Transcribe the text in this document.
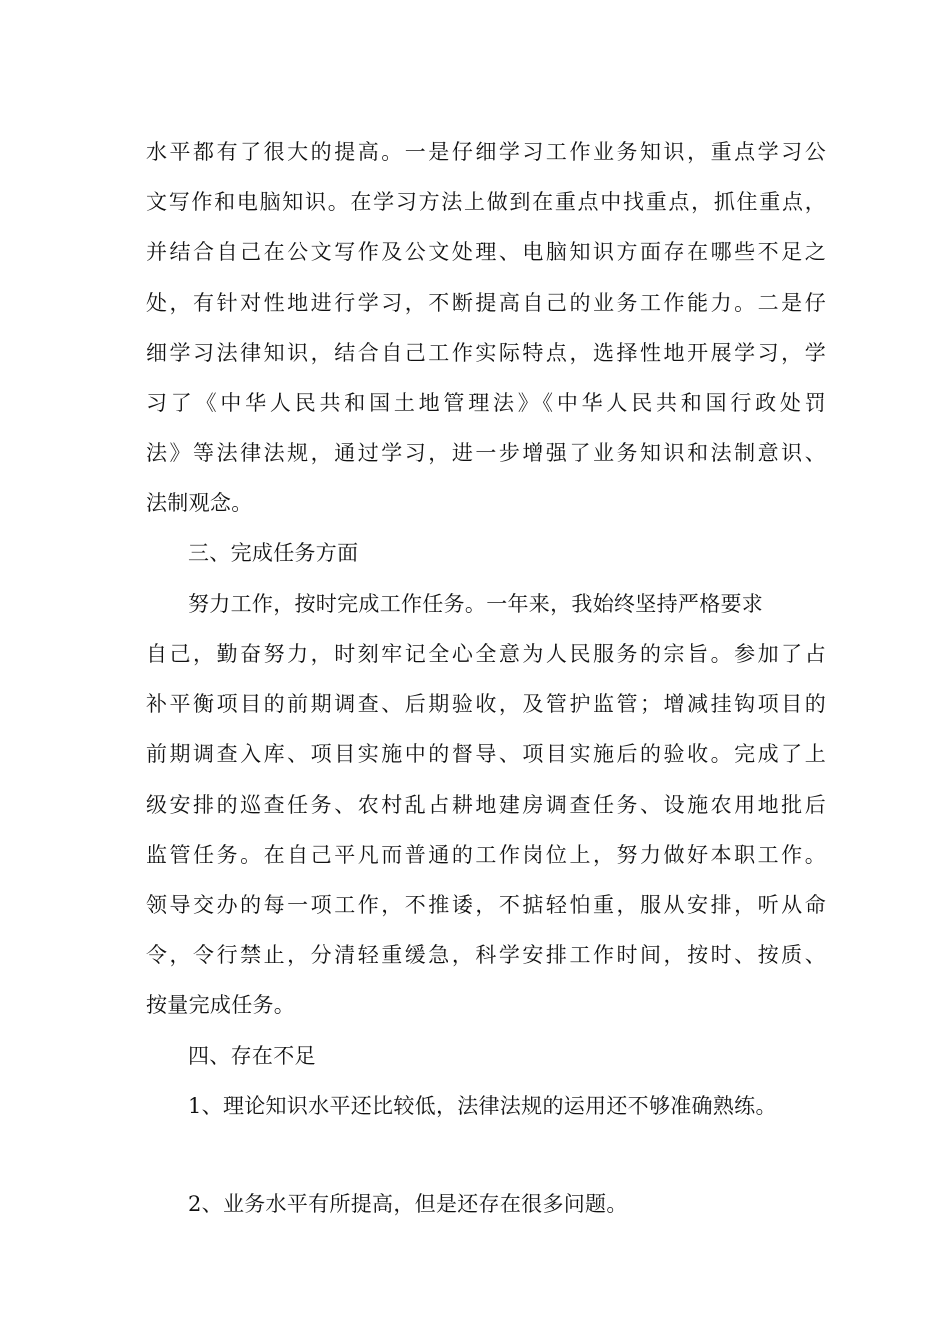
水平都有了很大的提高。一是仔细学习工作业务知识，重点学习公
文写作和电脑知识。在学习方法上做到在重点中找重点，抓住重点，
并结合自己在公文写作及公文处理、电脑知识方面存在哪些不足之
处，有针对性地进行学习，不断提高自己的业务工作能力。二是仔
细学习法律知识，结合自己工作实际特点，选择性地开展学习，学
习了《中华人民共和国土地管理法》《中华人民共和国行政处罚
法》等法律法规，通过学习，进一步增强了业务知识和法制意识、
法制观念。
三、完成任务方面
努力工作，按时完成工作任务。一年来，我始终坚持严格要求
自己，勤奋努力，时刻牢记全心全意为人民服务的宗旨。参加了占
补平衡项目的前期调查、后期验收，及管护监管；增减挂钩项目的
前期调查入库、项目实施中的督导、项目实施后的验收。完成了上
级安排的巡查任务、农村乱占耕地建房调查任务、设施农用地批后
监管任务。在自己平凡而普通的工作岗位上，努力做好本职工作。
领导交办的每一项工作，不推诿，不掂轻怕重，服从安排，听从命
令，令行禁止，分清轻重缓急，科学安排工作时间，按时、按质、
按量完成任务。
四、存在不足
1、理论知识水平还比较低，法律法规的运用还不够准确熟练。
2、业务水平有所提高，但是还存在很多问题。
